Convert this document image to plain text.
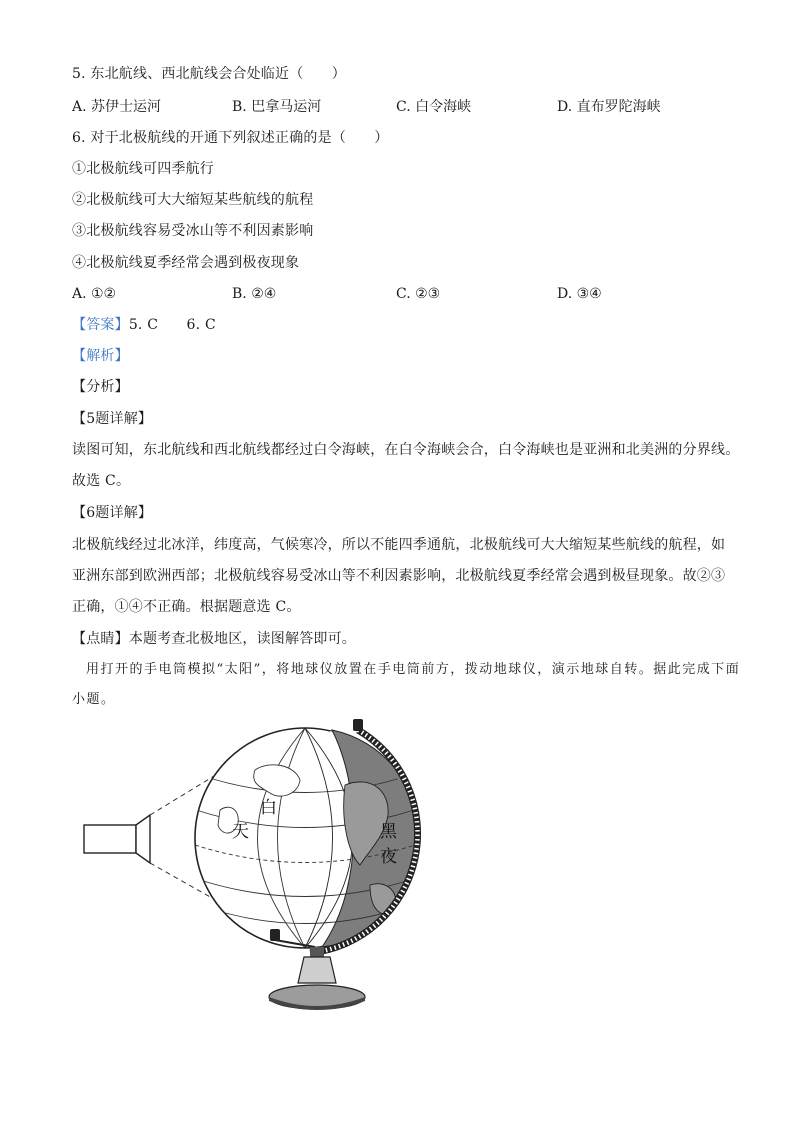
5. 东北航线、西北航线会合处临近（　　）
A. 苏伊士运河	B. 巴拿马运河	C. 白令海峡	D. 直布罗陀海峡
6. 对于北极航线的开通下列叙述正确的是（　　）
①北极航线可四季航行
②北极航线可大大缩短某些航线的航程
③北极航线容易受冰山等不利因素影响
④北极航线夏季经常会遇到极夜现象
A. ①②	B. ②④	C. ②③	D. ③④
【答案】5. C　　6. C
【解析】
【分析】
【5题详解】
读图可知，东北航线和西北航线都经过白令海峡，在白令海峡会合，白令海峡也是亚洲和北美洲的分界线。
故选 C。
【6题详解】
北极航线经过北冰洋，纬度高，气候寒冷，所以不能四季通航，北极航线可大大缩短某些航线的航程，如
亚洲东部到欧洲西部；北极航线容易受冰山等不利因素影响，北极航线夏季经常会遇到极昼现象。故②③
正确，①④不正确。根据题意选 C。
【点睛】本题考查北极地区，读图解答即可。
用打开的手电筒模拟“太阳”，将地球仪放置在手电筒前方，拨动地球仪，演示地球自转。据此完成下面
小题。
白
天	黑
夜
